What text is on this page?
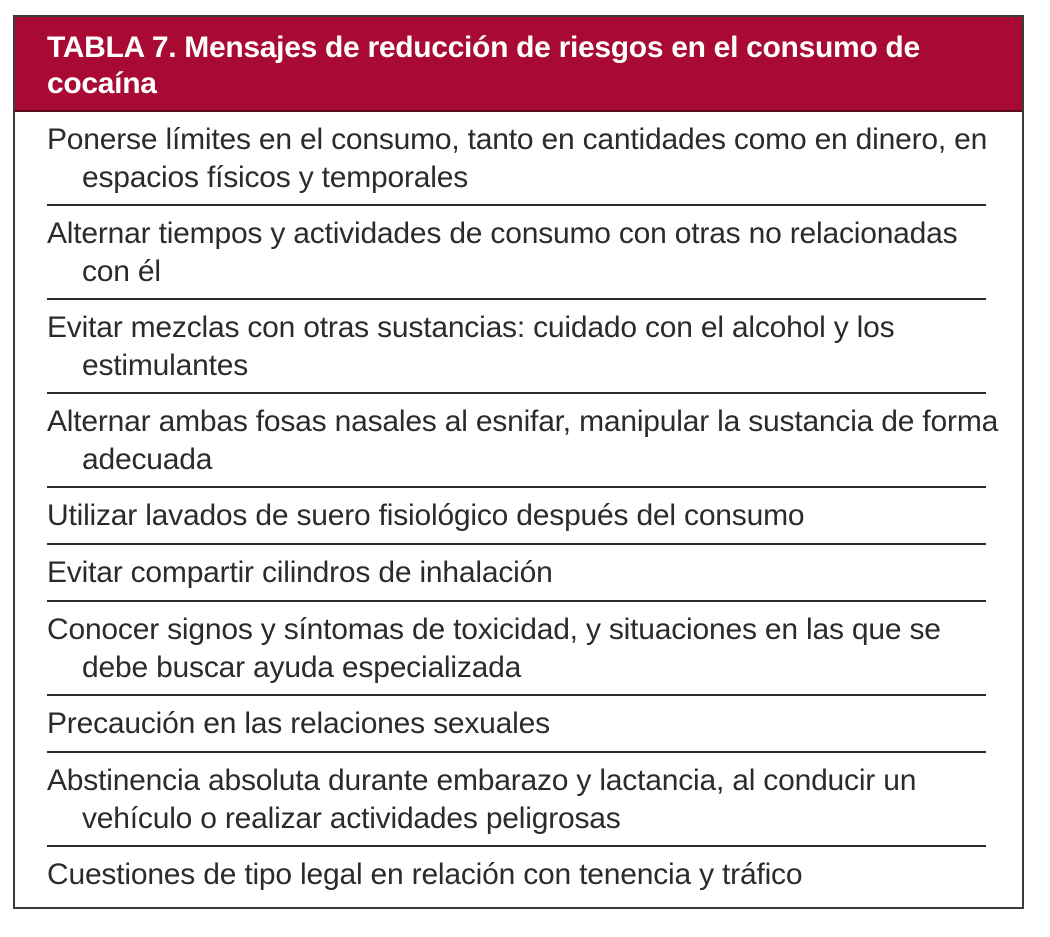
TABLA 7. Mensajes de reducción de riesgos en el consumo de cocaína
Ponerse límites en el consumo, tanto en cantidades como en dinero, en espacios físicos y temporales
Alternar tiempos y actividades de consumo con otras no relacionadas con él
Evitar mezclas con otras sustancias: cuidado con el alcohol y los estimulantes
Alternar ambas fosas nasales al esnifar, manipular la sustancia de forma adecuada
Utilizar lavados de suero fisiológico después del consumo
Evitar compartir cilindros de inhalación
Conocer signos y síntomas de toxicidad, y situaciones en las que se debe buscar ayuda especializada
Precaución en las relaciones sexuales
Abstinencia absoluta durante embarazo y lactancia, al conducir un vehículo o realizar actividades peligrosas
Cuestiones de tipo legal en relación con tenencia y tráfico
